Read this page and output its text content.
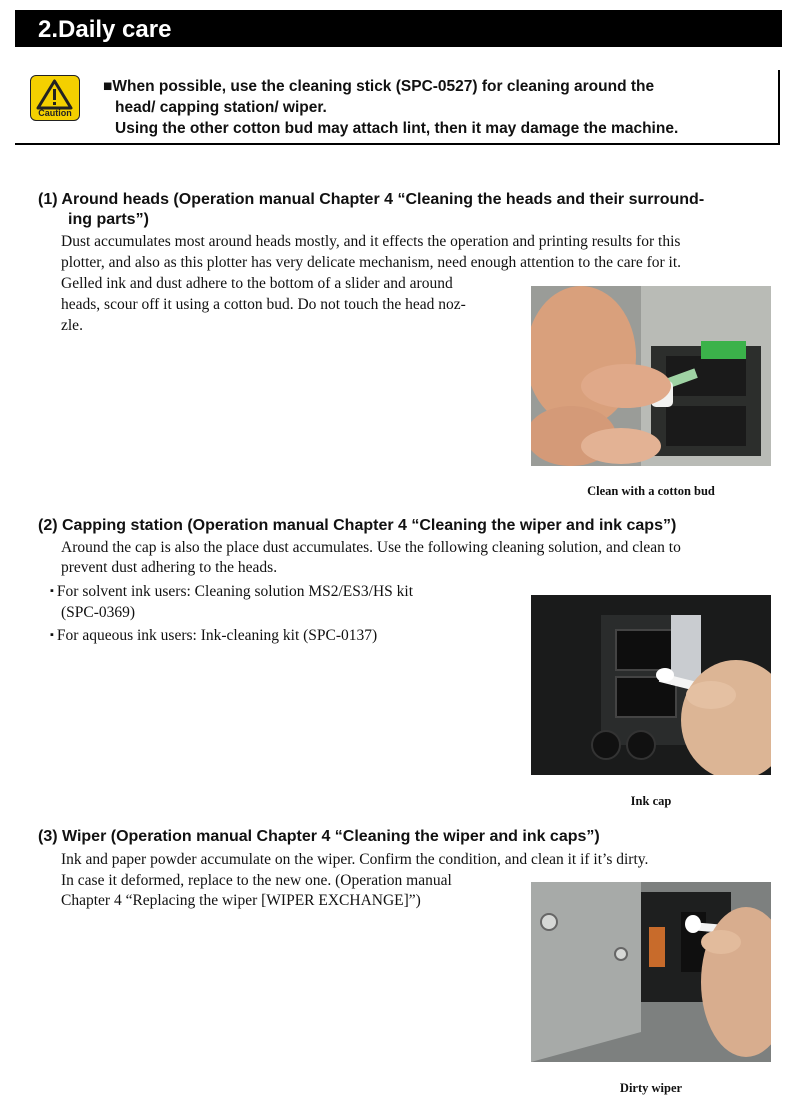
2.Daily care
Caution
■When possible, use the cleaning stick (SPC-0527) for cleaning around the
head/ capping station/ wiper.
Using the other cotton bud may attach lint, then it may damage the machine.
(1) Around heads (Operation manual Chapter 4 “Cleaning the heads and their surround-
ing parts”)
Dust accumulates most around heads mostly, and it effects the operation and printing results for this
plotter, and also as this plotter has very delicate mechanism, need enough attention to the care for it.
Gelled ink and dust adhere to the bottom of a slider and around
heads, scour off it using a cotton bud. Do not touch the head noz-
zle.
Clean with a cotton bud
(2) Capping station (Operation manual Chapter 4 “Cleaning the wiper and ink caps”)
Around the cap is also the place dust accumulates. Use the following cleaning solution, and clean to
prevent dust adhering to the heads.
▪ For solvent ink users: Cleaning solution MS2/ES3/HS kit
(SPC-0369)
▪ For aqueous ink users: Ink-cleaning kit (SPC-0137)
Ink cap
(3) Wiper (Operation manual Chapter 4 “Cleaning the wiper and ink caps”)
Ink and paper powder accumulate on the wiper. Confirm the condition, and clean it if it’s dirty.
In case it deformed, replace to the new one. (Operation manual
Chapter 4 “Replacing the wiper [WIPER EXCHANGE]”)
Dirty wiper
